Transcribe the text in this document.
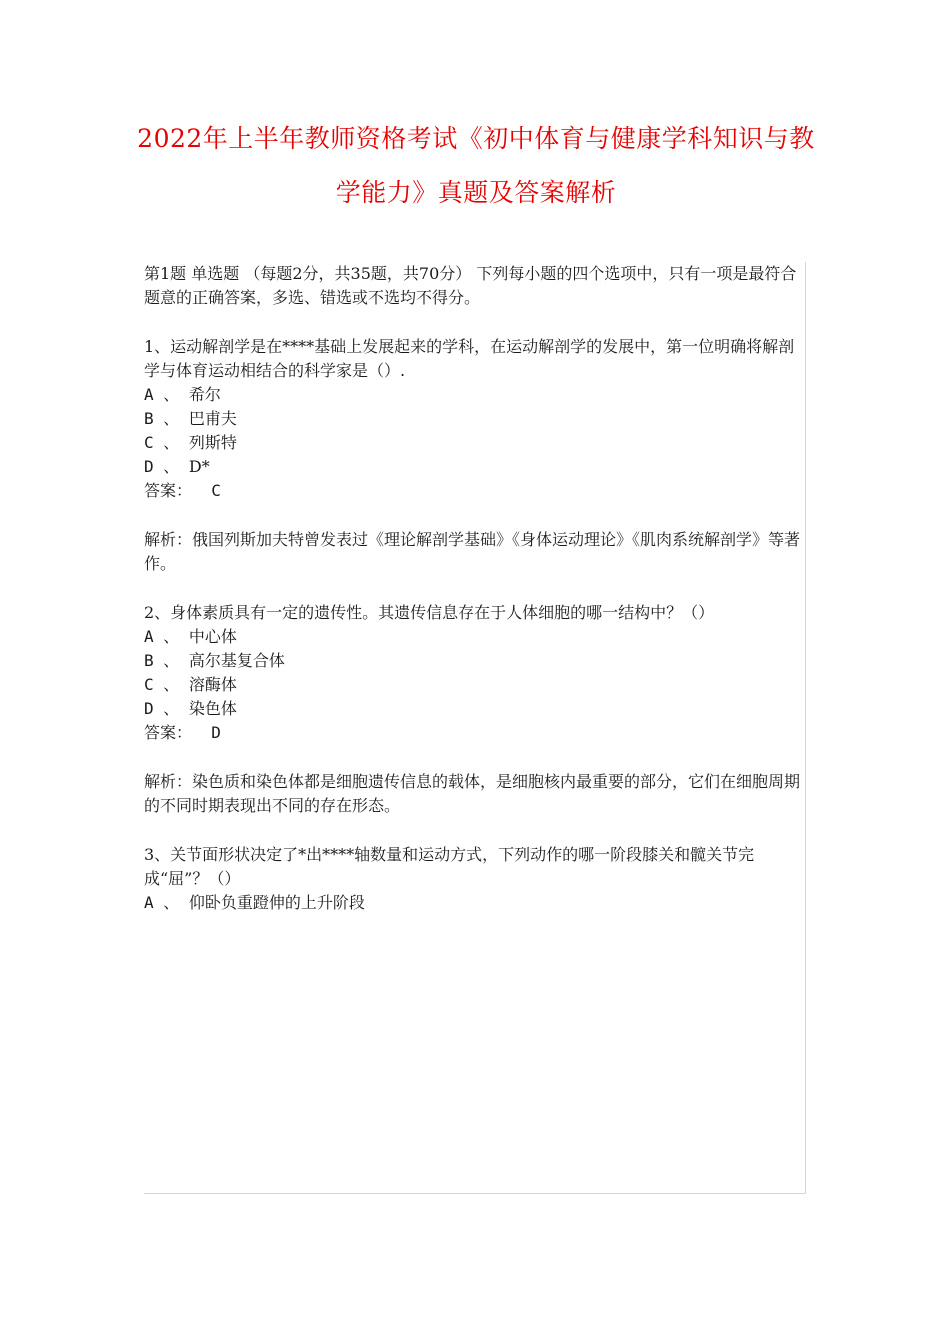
2022年上半年教师资格考试《初中体育与健康学科知识与教
学能力》真题及答案解析

第1题 单选题 （每题2分，共35题，共70分） 下列每小题的四个选项中，只有一项是最符合题意的正确答案，多选、错选或不选均不得分。

1、运动解剖学是在****基础上发展起来的学科，在运动解剖学的发展中，第一位明确将解剖 学与体育运动相结合的科学家是（）.

A 、 希尔

B 、 巴甫夫

C 、 列斯特

D 、 D*

答案： C

解析：俄国列斯加夫特曾发表过《理论解剖学基础》《身体运动理论》《肌肉系统解剖学》等著 作。

2、身体素质具有一定的遗传性。其遗传信息存在于人体细胞的哪一结构中？（）

A 、 中心体

B 、 高尔基复合体

C 、 溶酶体

D 、 染色体

答案： D

解析：染色质和染色体都是细胞遗传信息的载体，是细胞核内最重要的部分，它们在细胞周期的不同时期表现出不同的存在形态。

3、关节面形状决定了*出****轴数量和运动方式，下列动作的哪一阶段膝关和髋关节完成“屈”？（）

A 、 仰卧负重蹬伸的上升阶段
